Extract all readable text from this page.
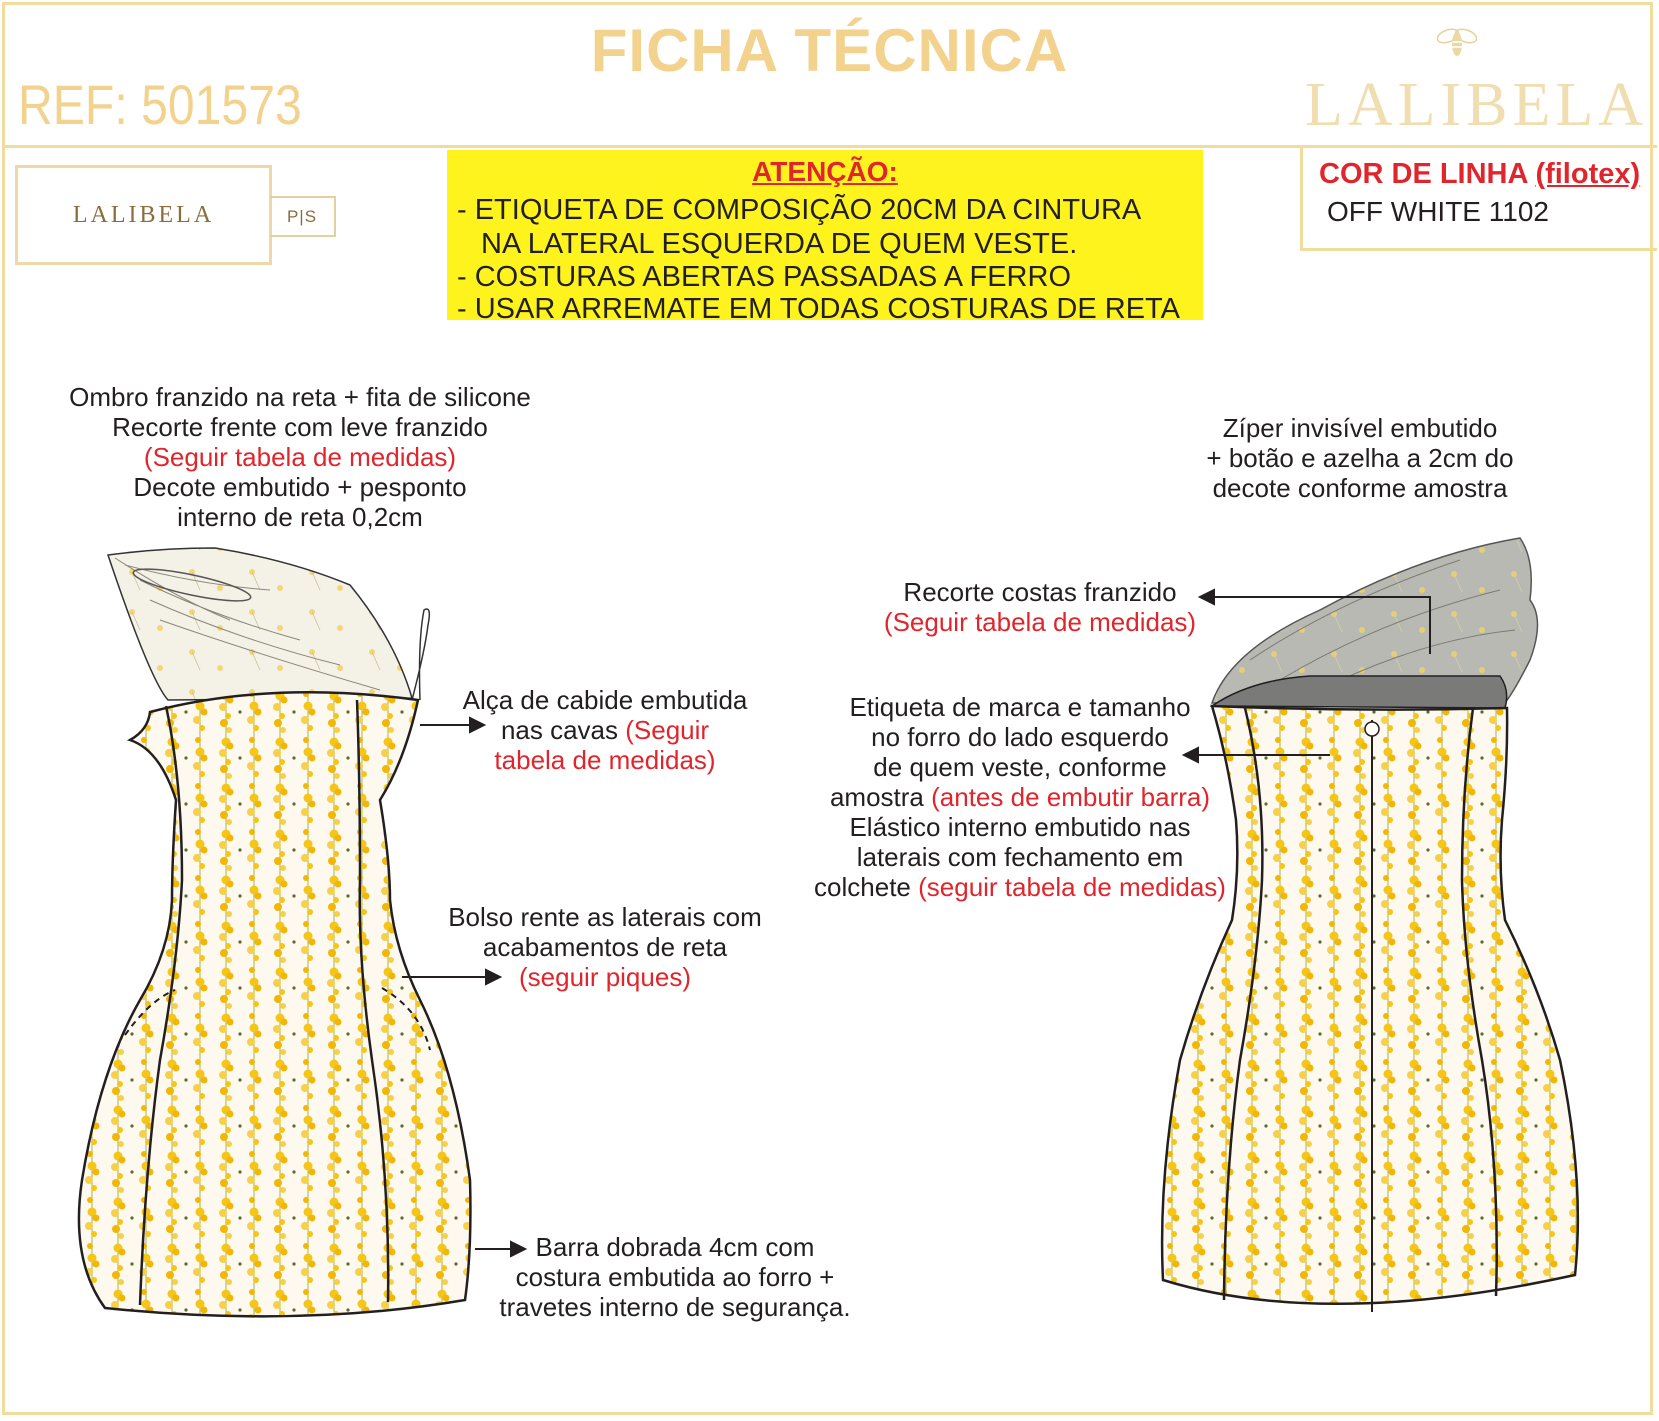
FICHA TÉCNICA
REF: 501573	LALIBELA
LALIBELA	P|S
ATENÇÃO:
- ETIQUETA DE COMPOSIÇÃO 20CM DA CINTURA
NA LATERAL ESQUERDA DE QUEM VESTE.
- COSTURAS ABERTAS PASSADAS A FERRO
- USAR ARREMATE EM TODAS COSTURAS DE RETA
COR DE LINHA (filotex)
OFF WHITE 1102
Ombro franzido na reta + fita de silicone
Recorte frente com leve franzido
(Seguir tabela de medidas)
Decote embutido + pesponto
interno de reta 0,2cm
Alça de cabide embutida
nas cavas (Seguir
tabela de medidas)
Bolso rente as laterais com
acabamentos de reta
(seguir piques)
Barra dobrada 4cm com
costura embutida ao forro +
travetes interno de segurança.
Zíper invisível embutido
+ botão e azelha a 2cm do
decote conforme amostra
Recorte costas franzido
(Seguir tabela de medidas)
Etiqueta de marca e tamanho
no forro do lado esquerdo
de quem veste, conforme
amostra (antes de embutir barra)
Elástico interno embutido nas
laterais com fechamento em
colchete (seguir tabela de medidas)
